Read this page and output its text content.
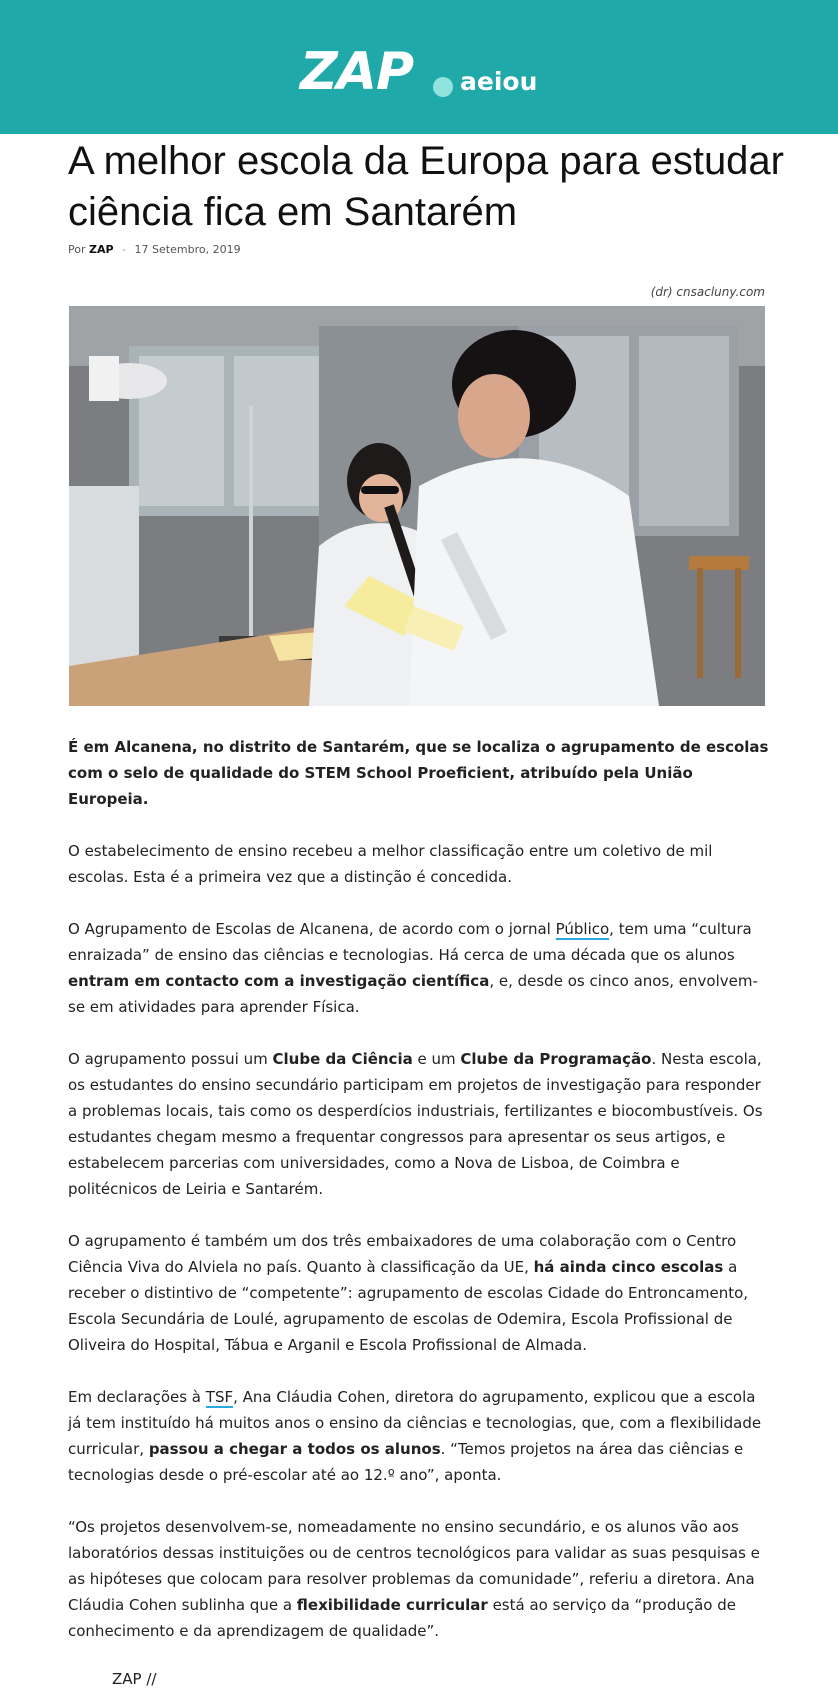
ZAP aeiou
A melhor escola da Europa para estudar ciência fica em Santarém
Por ZAP - 17 Setembro, 2019
(dr) cnsacluny.com

É em Alcanena, no distrito de Santarém, que se localiza o agrupamento de escolas com o selo de qualidade do STEM School Proeficient, atribuído pela União Europeia.

O estabelecimento de ensino recebeu a melhor classificação entre um coletivo de mil escolas. Esta é a primeira vez que a distinção é concedida.

O Agrupamento de Escolas de Alcanena, de acordo com o jornal Público, tem uma “cultura enraizada” de ensino das ciências e tecnologias. Há cerca de uma década que os alunos entram em contacto com a investigação científica, e, desde os cinco anos, envolvem-se em atividades para aprender Física.

O agrupamento possui um Clube da Ciência e um Clube da Programação. Nesta escola, os estudantes do ensino secundário participam em projetos de investigação para responder a problemas locais, tais como os desperdícios industriais, fertilizantes e biocombustíveis. Os estudantes chegam mesmo a frequentar congressos para apresentar os seus artigos, e estabelecem parcerias com universidades, como a Nova de Lisboa, de Coimbra e politécnicos de Leiria e Santarém.

O agrupamento é também um dos três embaixadores de uma colaboração com o Centro Ciência Viva do Alviela no país. Quanto à classificação da UE, há ainda cinco escolas a receber o distintivo de “competente”: agrupamento de escolas Cidade do Entroncamento, Escola Secundária de Loulé, agrupamento de escolas de Odemira, Escola Profissional de Oliveira do Hospital, Tábua e Arganil e Escola Profissional de Almada.

Em declarações à TSF, Ana Cláudia Cohen, diretora do agrupamento, explicou que a escola já tem instituído há muitos anos o ensino da ciências e tecnologias, que, com a flexibilidade curricular, passou a chegar a todos os alunos. “Temos projetos na área das ciências e tecnologias desde o pré-escolar até ao 12.º ano”, aponta.

“Os projetos desenvolvem-se, nomeadamente no ensino secundário, e os alunos vão aos laboratórios dessas instituições ou de centros tecnológicos para validar as suas pesquisas e as hipóteses que colocam para resolver problemas da comunidade”, referiu a diretora. Ana Cláudia Cohen sublinha que a flexibilidade curricular está ao serviço da “produção de conhecimento e da aprendizagem de qualidade”.

ZAP //
